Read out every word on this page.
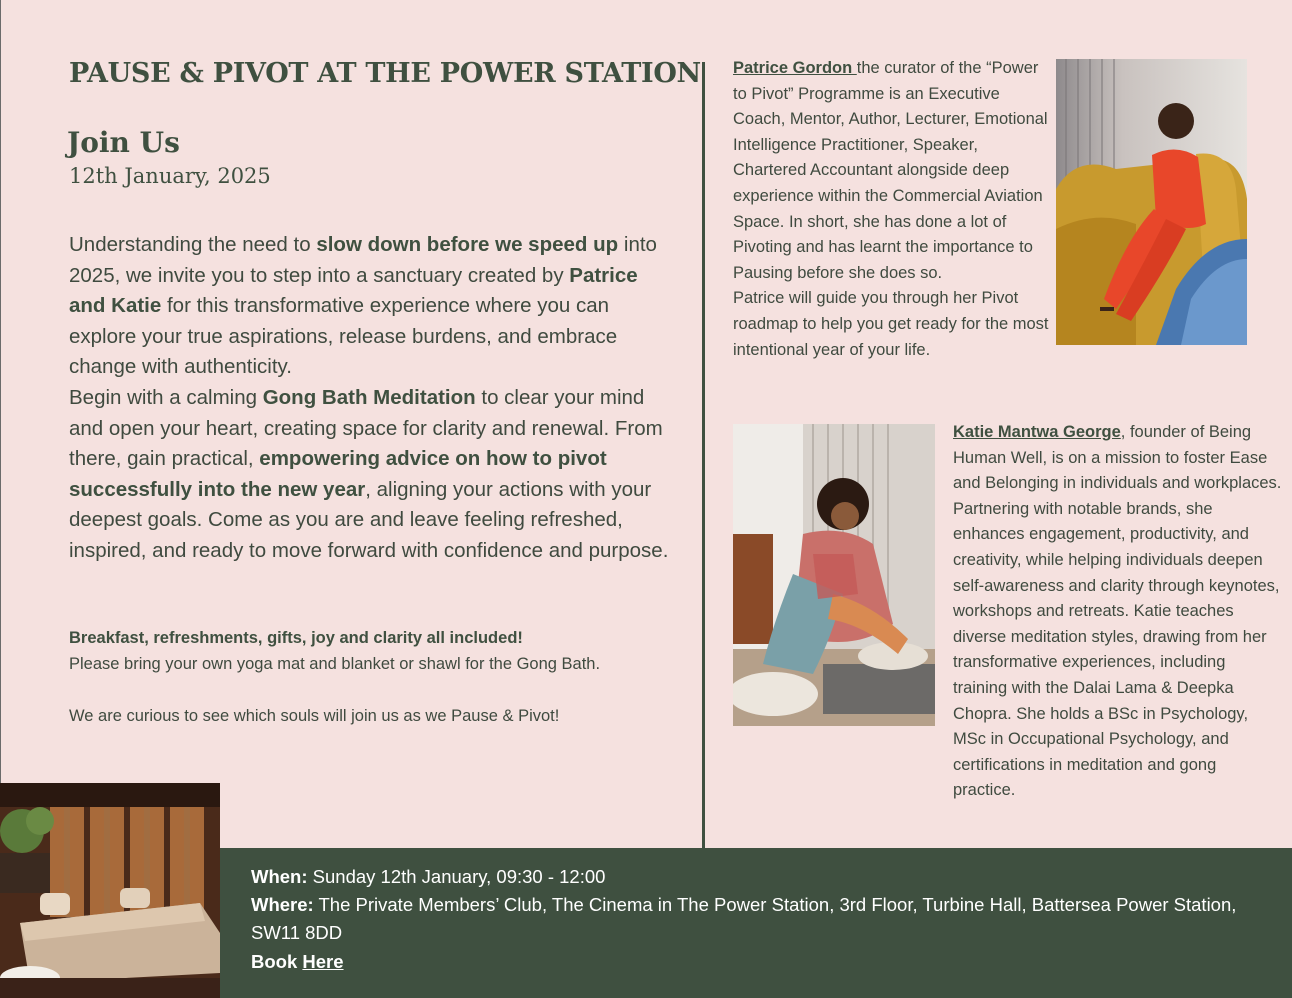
PAUSE & PIVOT AT THE POWER STATION
Join Us
12th January, 2025
Understanding the need to slow down before we speed up into 2025, we invite you to step into a sanctuary created by Patrice and Katie for this transformative experience where you can explore your true aspirations, release burdens, and embrace change with authenticity.
Begin with a calming Gong Bath Meditation to clear your mind and open your heart, creating space for clarity and renewal. From there, gain practical, empowering advice on how to pivot successfully into the new year, aligning your actions with your deepest goals. Come as you are and leave feeling refreshed, inspired, and ready to move forward with confidence and purpose.

Breakfast, refreshments, gifts, joy and clarity all included!

Please bring your own yoga mat and blanket or shawl for the Gong Bath.

We are curious to see which souls will join us as we Pause & Pivot!

Patrice Gordon the curator of the “Power to Pivot” Programme is an Executive Coach, Mentor, Author, Lecturer, Emotional Intelligence Practitioner, Speaker, Chartered Accountant alongside deep experience within the Commercial Aviation Space. In short, she has done a lot of Pivoting and has learnt the importance to Pausing before she does so.
Patrice will guide you through her Pivot roadmap to help you get ready for the most intentional year of your life.
Katie Mantwa George, founder of Being Human Well, is on a mission to foster Ease and Belonging in individuals and workplaces. Partnering with notable brands, she enhances engagement, productivity, and creativity, while helping individuals deepen self-awareness and clarity through keynotes, workshops and retreats. Katie teaches diverse meditation styles, drawing from her transformative experiences, including training with the Dalai Lama & Deepka Chopra. She holds a BSc in Psychology, MSc in Occupational Psychology, and certifications in meditation and gong practice.
When: Sunday 12th January, 09:30 - 12:00
Where: The Private Members’ Club, The Cinema in The Power Station, 3rd Floor, Turbine Hall, Battersea Power Station, SW11 8DD
Book Here
